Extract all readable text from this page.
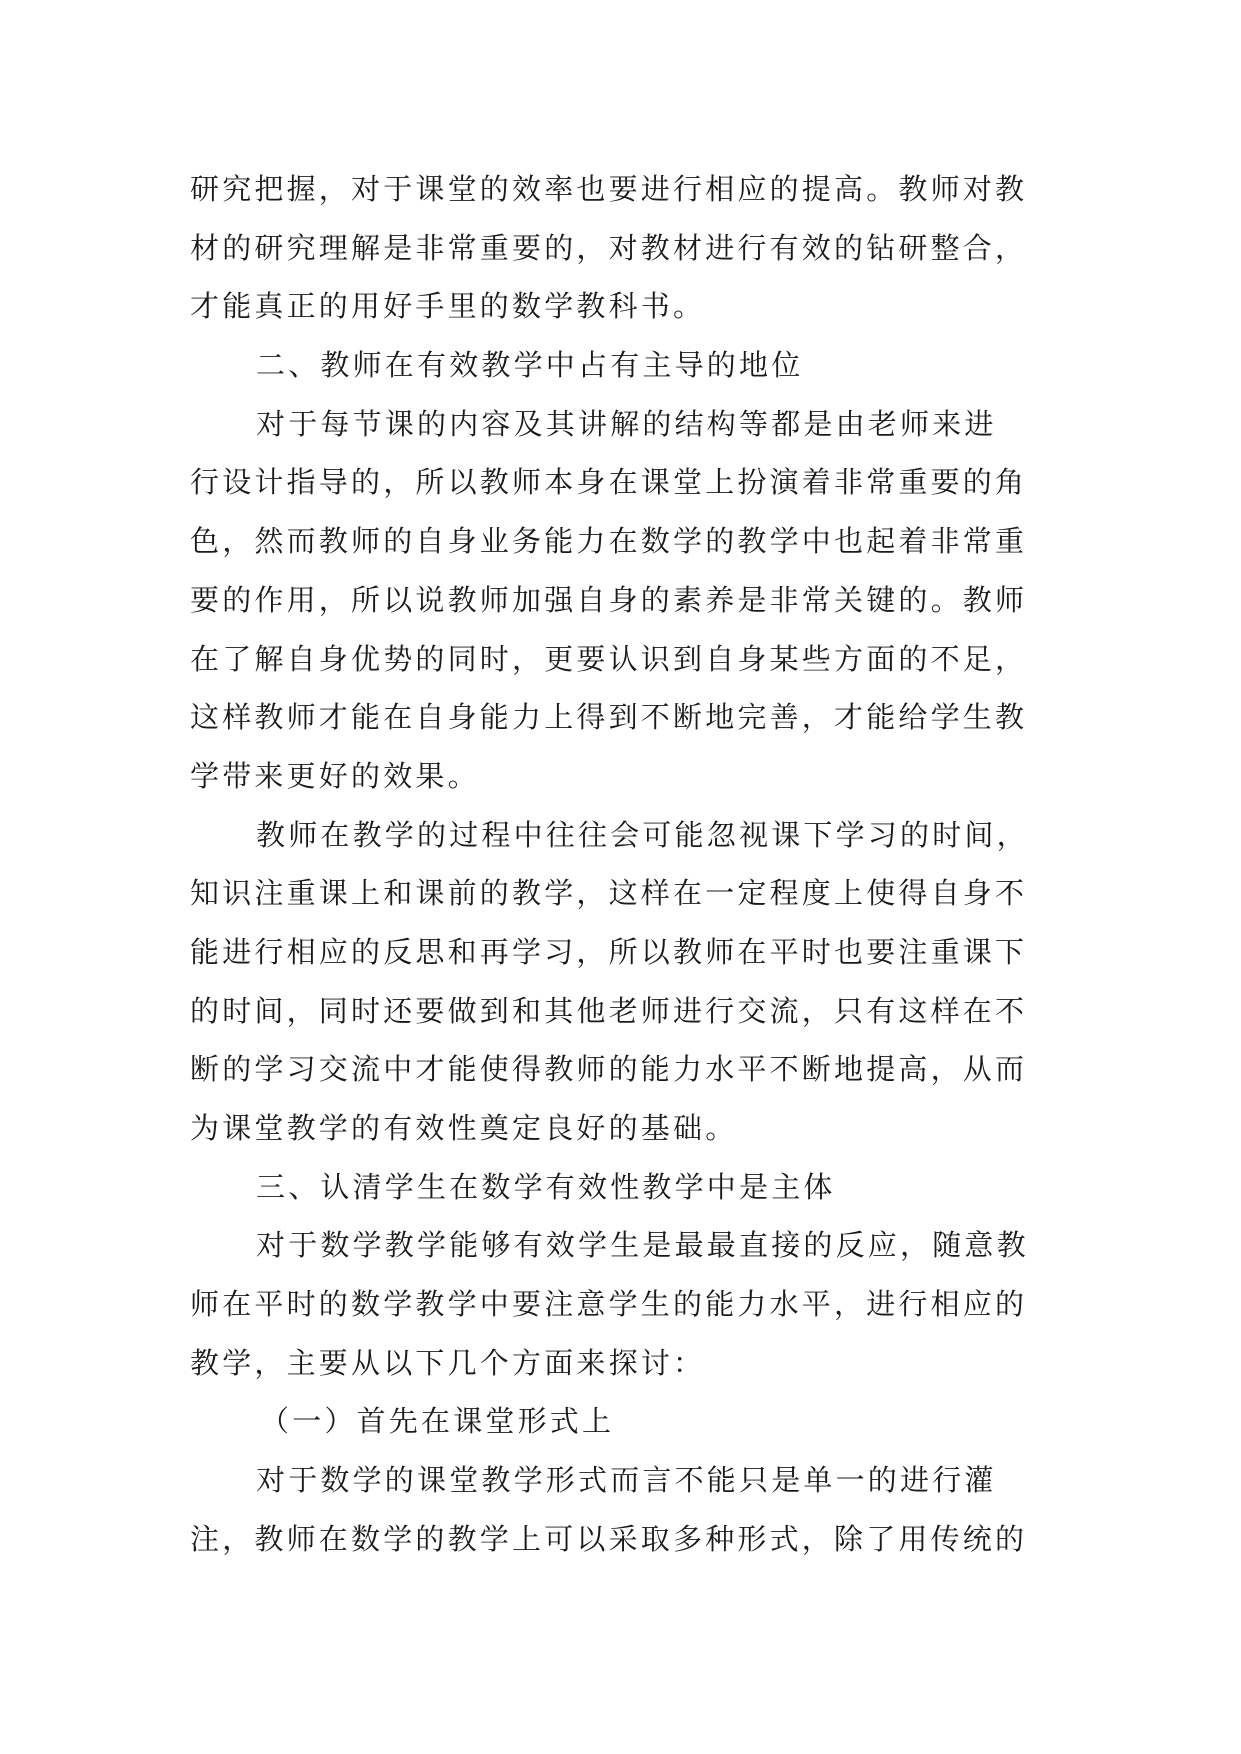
研究把握，对于课堂的效率也要进行相应的提高。教师对教
材的研究理解是非常重要的，对教材进行有效的钻研整合，
才能真正的用好手里的数学教科书。
二、教师在有效教学中占有主导的地位
对于每节课的内容及其讲解的结构等都是由老师来进
行设计指导的，所以教师本身在课堂上扮演着非常重要的角
色，然而教师的自身业务能力在数学的教学中也起着非常重
要的作用，所以说教师加强自身的素养是非常关键的。教师
在了解自身优势的同时，更要认识到自身某些方面的不足，
这样教师才能在自身能力上得到不断地完善，才能给学生教
学带来更好的效果。
教师在教学的过程中往往会可能忽视课下学习的时间，
知识注重课上和课前的教学，这样在一定程度上使得自身不
能进行相应的反思和再学习，所以教师在平时也要注重课下
的时间，同时还要做到和其他老师进行交流，只有这样在不
断的学习交流中才能使得教师的能力水平不断地提高，从而
为课堂教学的有效性奠定良好的基础。
三、认清学生在数学有效性教学中是主体
对于数学教学能够有效学生是最最直接的反应，随意教
师在平时的数学教学中要注意学生的能力水平，进行相应的
教学，主要从以下几个方面来探讨：
（一）首先在课堂形式上
对于数学的课堂教学形式而言不能只是单一的进行灌
注，教师在数学的教学上可以采取多种形式，除了用传统的
